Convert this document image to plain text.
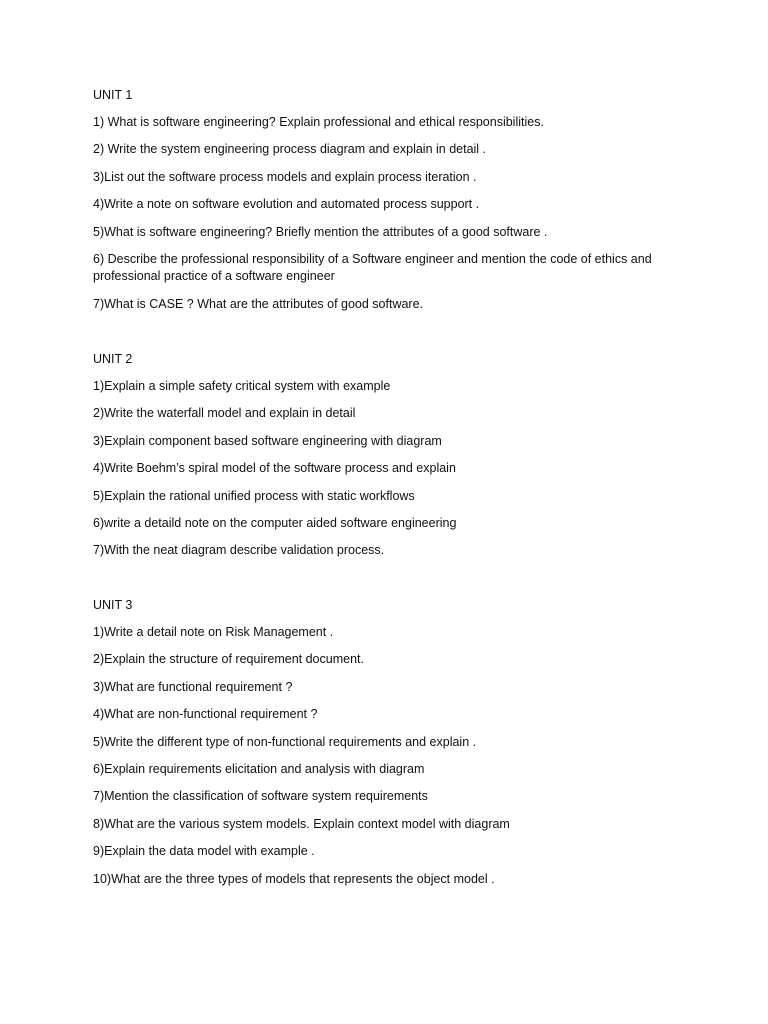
UNIT 1
1) What is software engineering? Explain professional and ethical responsibilities.
2) Write the system engineering process diagram and explain in detail .
3)List out the software process models and explain process iteration .
4)Write a note on software evolution and automated process support .
5)What is software engineering? Briefly mention the attributes of a good software .
6) Describe the professional responsibility of a Software engineer and mention the code of ethics and professional practice of a software engineer
7)What is CASE ? What are the attributes of good software.
UNIT 2
1)Explain a simple safety critical system with example
2)Write the waterfall model and explain in detail
3)Explain component based software engineering with diagram
4)Write Boehm’s spiral model of the software process and explain
5)Explain the rational unified process with static workflows
6)write a detaild note on the computer aided software engineering
7)With the neat diagram describe validation process.
UNIT 3
1)Write a detail note on Risk Management .
2)Explain the structure of requirement document.
3)What are functional requirement ?
4)What are non-functional requirement ?
5)Write the different type of non-functional requirements and explain .
6)Explain requirements elicitation and analysis with diagram
7)Mention the classification of software system requirements
8)What are the various system models. Explain context model with diagram
9)Explain the data model with example .
10)What are the three types of models that represents the object model .
